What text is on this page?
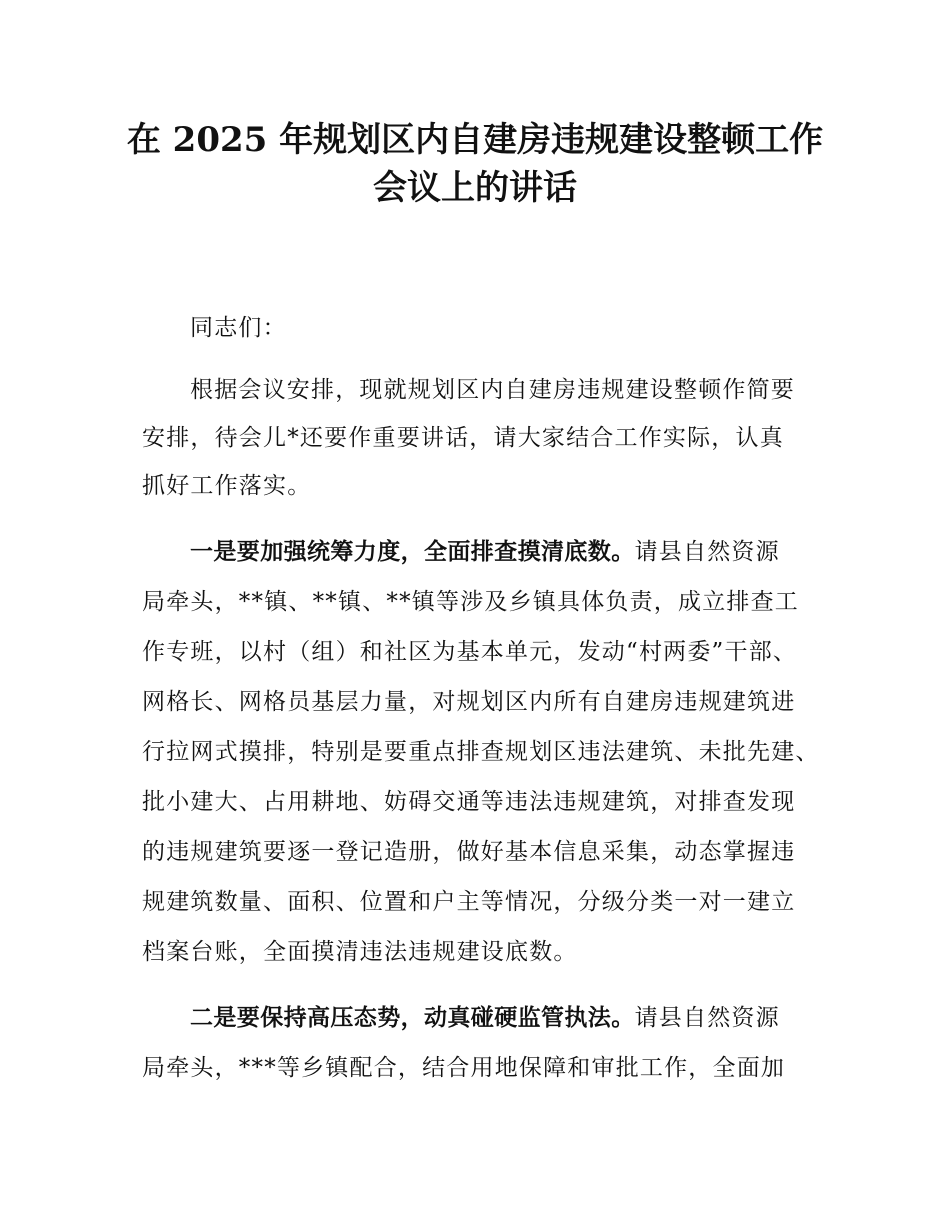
在 2025 年规划区内自建房违规建设整顿工作
会议上的讲话
同志们：
根据会议安排，现就规划区内自建房违规建设整顿作简要
安排，待会儿*还要作重要讲话，请大家结合工作实际，认真
抓好工作落实。
一是要加强统筹力度，全面排查摸清底数。请县自然资源
局牵头，**镇、**镇、**镇等涉及乡镇具体负责，成立排查工
作专班，以村（组）和社区为基本单元，发动“村两委”干部、
网格长、网格员基层力量，对规划区内所有自建房违规建筑进
行拉网式摸排，特别是要重点排查规划区违法建筑、未批先建、
批小建大、占用耕地、妨碍交通等违法违规建筑，对排查发现
的违规建筑要逐一登记造册，做好基本信息采集，动态掌握违
规建筑数量、面积、位置和户主等情况，分级分类一对一建立
档案台账，全面摸清违法违规建设底数。
二是要保持高压态势，动真碰硬监管执法。请县自然资源
局牵头，***等乡镇配合，结合用地保障和审批工作，全面加
